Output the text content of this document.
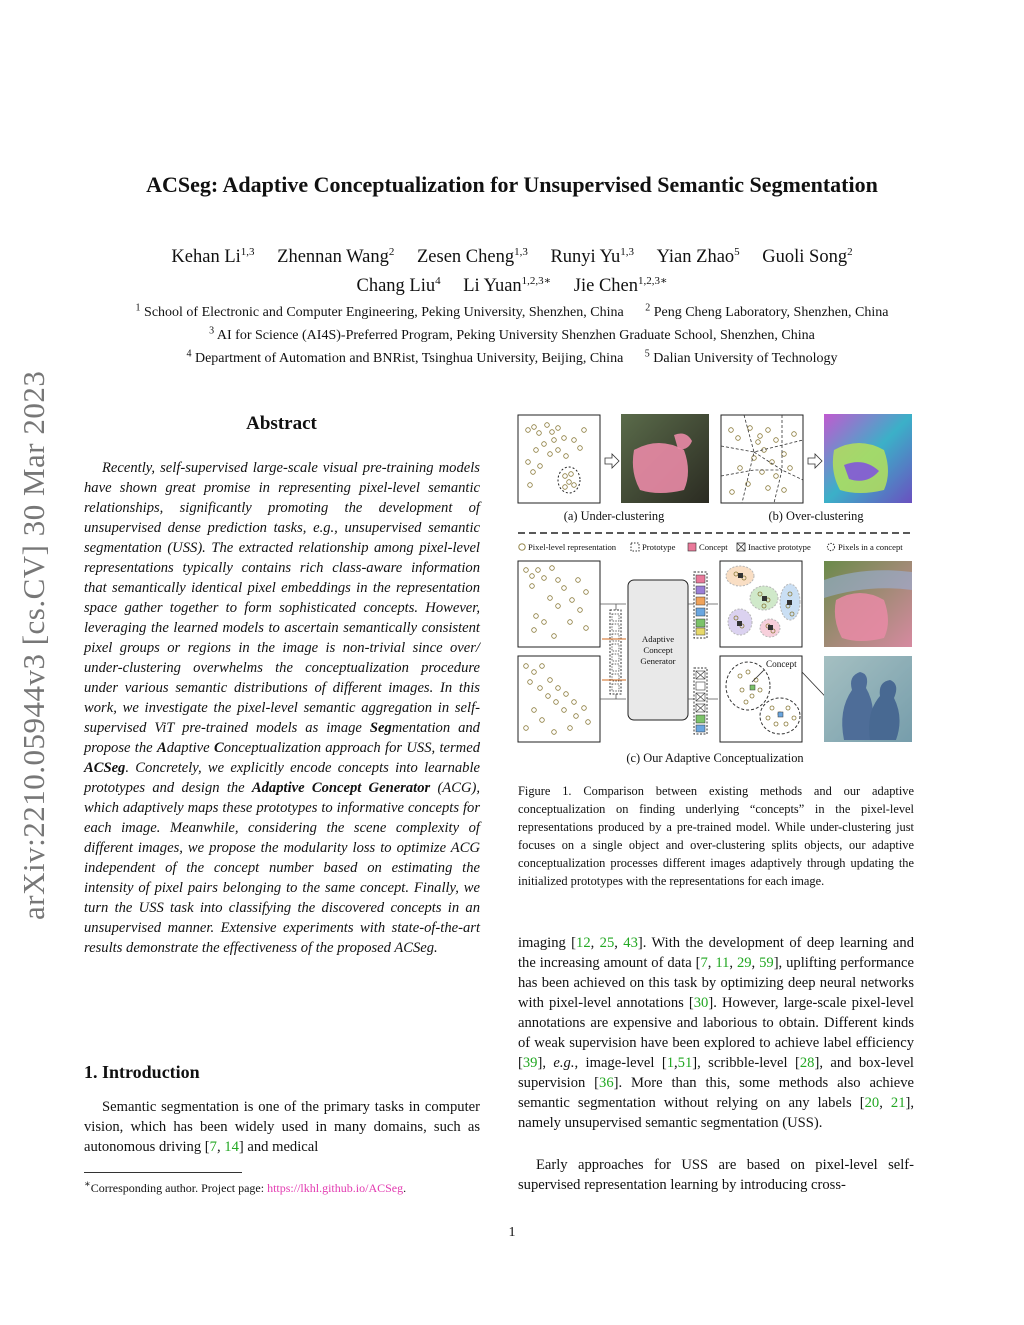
arXiv:2210.05944v3 [cs.CV] 30 Mar 2023
ACSeg: Adaptive Conceptualization for Unsupervised Semantic Segmentation
Kehan Li$^{1,3}$ Zhennan Wang$^2$ Zesen Cheng$^{1,3}$ Runyi Yu$^{1,3}$ Yian Zhao$^5$ Guoli Song$^2$
Chang Liu$^4$ Li Yuan$^{1,2,3∗}$ Jie Chen$^{1,2,3∗}$
$^1$ School of Electronic and Computer Engineering, Peking University, Shenzhen, China $^2$ Peng Cheng Laboratory, Shenzhen, China
$^3$ AI for Science (AI4S)-Preferred Program, Peking University Shenzhen Graduate School, Shenzhen, China
$^4$ Department of Automation and BNRist, Tsinghua University, Beijing, China $^5$ Dalian University of Technology
Abstract
Recently, self-supervised large-scale visual pre-training models have shown great promise in representing pixel-level semantic relationships, significantly promoting the development of unsupervised dense prediction tasks, e.g., unsupervised semantic segmentation (USS). The extracted relationship among pixel-level representations typically contains rich class-aware information that semantically identical pixel embeddings in the representation space gather together to form sophisticated concepts. However, leveraging the learned models to ascertain semantically consistent pixel groups or regions in the image is non-trivial since over/ under-clustering overwhelms the conceptualization procedure under various semantic distributions of different images. In this work, we investigate the pixel-level semantic aggregation in self-supervised ViT pre-trained models as image Segmentation and propose the Adaptive Conceptualization approach for USS, termed ACSeg. Concretely, we explicitly encode concepts into learnable prototypes and design the Adaptive Concept Generator (ACG), which adaptively maps these prototypes to informative concepts for each image. Meanwhile, considering the scene complexity of different images, we propose the modularity loss to optimize ACG independent of the concept number based on estimating the intensity of pixel pairs belonging to the same concept. Finally, we turn the USS task into classifying the discovered concepts in an unsupervised manner. Extensive experiments with state-of-the-art results demonstrate the effectiveness of the proposed ACSeg.
1. Introduction
Semantic segmentation is one of the primary tasks in computer vision, which has been widely used in many domains, such as autonomous driving [7, 14] and medical
∗Corresponding author. Project page: https://lkhl.github.io/ACSeg.
(a) Under-clustering	(b) Over-clustering
Pixel-level representation	Prototype	Concept Inactive prototype	Pixels in a concept
Adaptive
Concept
Generator	Concept
(c) Our Adaptive Conceptualization
Figure 1. Comparison between existing methods and our adaptive conceptualization on finding underlying “concepts” in the pixel-level representations produced by a pre-trained model. While under-clustering just focuses on a single object and over-clustering splits objects, our adaptive conceptualization processes different images adaptively through updating the initialized prototypes with the representations for each image.
imaging [12, 25, 43]. With the development of deep learning and the increasing amount of data [7, 11, 29, 59], uplifting performance has been achieved on this task by optimizing deep neural networks with pixel-level annotations [30]. However, large-scale pixel-level annotations are expensive and laborious to obtain. Different kinds of weak supervision have been explored to achieve label efficiency [39], e.g., image-level [1,51], scribble-level [28], and box-level supervision [36]. More than this, some methods also achieve semantic segmentation without relying on any labels [20, 21], namely unsupervised semantic segmentation (USS).
Early approaches for USS are based on pixel-level self-supervised representation learning by introducing cross-
1
